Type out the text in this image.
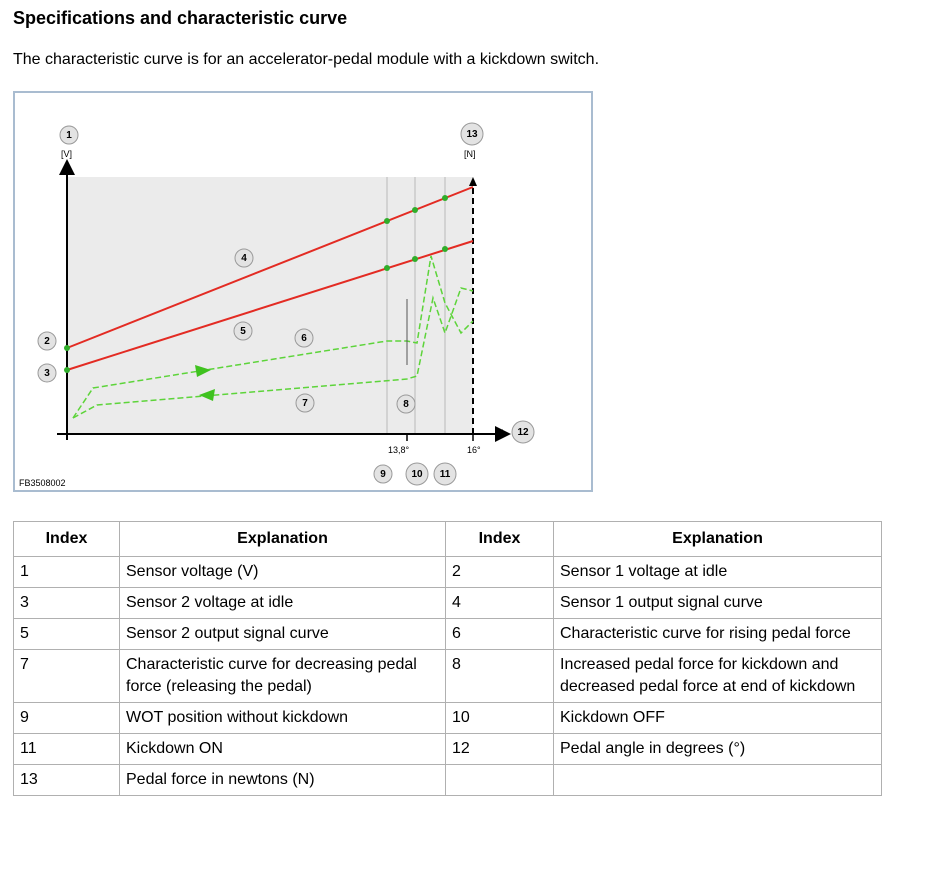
Specifications and characteristic curve

The characteristic curve is for an accelerator-pedal module with a kickdown switch.

[V]	[N]
[°]
13,8°	16°
1
2
3
4
5
6
7	8
9	10 11
12
13
FB3508002
Index	Explanation	Index	Explanation
1	Sensor voltage (V)	2	Sensor 1 voltage at idle
3	Sensor 2 voltage at idle	4	Sensor 1 output signal curve
5	Sensor 2 output signal curve	6	Characteristic curve for rising pedal force
7	Characteristic curve for decreasing pedal force (releasing the pedal)	8	Increased pedal force for kickdown and decreased pedal force at end of kickdown
9	WOT position without kickdown	10	Kickdown OFF
11	Kickdown ON	12	Pedal angle in degrees (°)
13	Pedal force in newtons (N)		
